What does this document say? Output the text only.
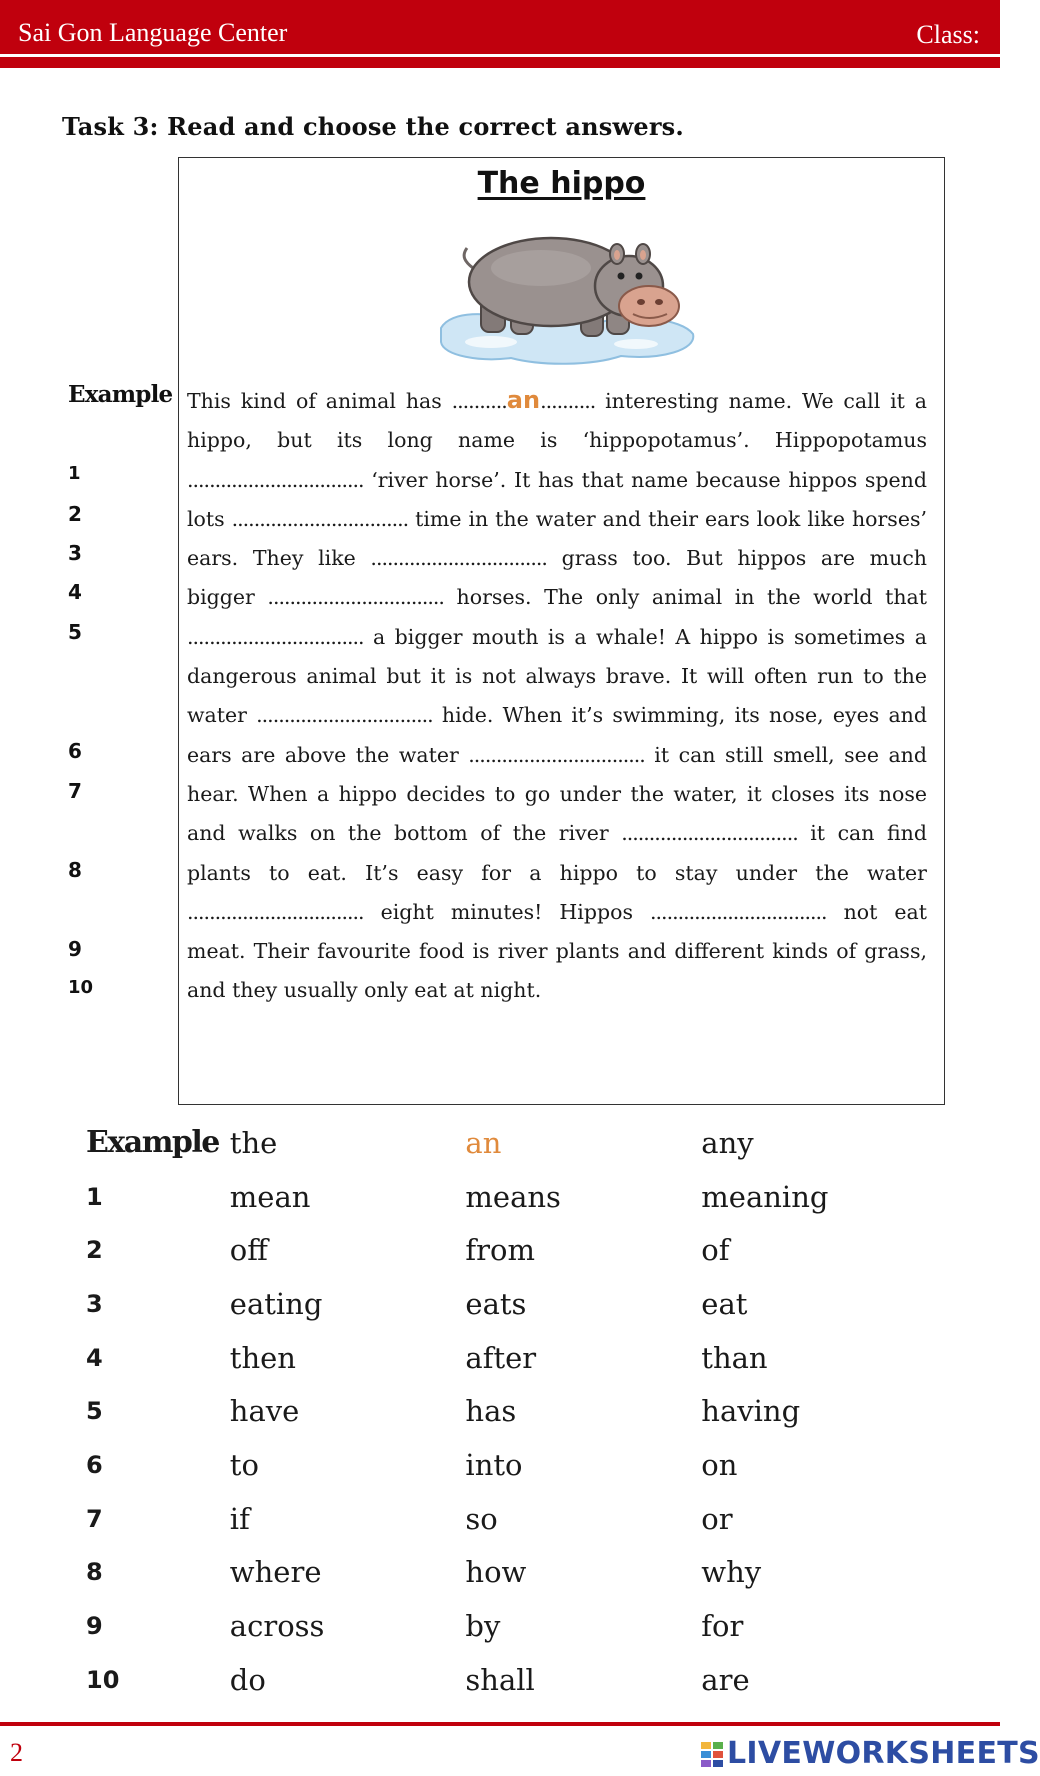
Sai Gon Language Center	Class:
Task 3: Read and choose the correct answers.
Example
1
2
3
4
5
6
7
8
9
10
The hippo
This kind of animal has ..........an.......... interesting name. We call it a hippo, but its long name is ‘hippopotamus’. Hippopotamus ................................ ‘river horse’. It has that name because hippos spend lots ................................ time in the water and their ears look like horses’ ears. They like ................................ grass too. But hippos are much bigger ................................ horses. The only animal in the world that ................................ a bigger mouth is a whale! A hippo is sometimes a dangerous animal but it is not always brave. It will often run to the water ................................ hide. When it’s swimming, its nose, eyes and ears are above the water ................................ it can still smell, see and hear. When a hippo decides to go under the water, it closes its nose and walks on the bottom of the river ................................ it can find plants to eat. It’s easy for a hippo to stay under the water ................................ eight minutes! Hippos ................................ not eat meat. Their favourite food is river plants and different kinds of grass, and they usually only eat at night.
Example	the	an	any
1	mean	means	meaning
2	off	from	of
3	eating	eats	eat
4	then	after	than
5	have	has	having
6	to	into	on
7	if	so	or
8	where	how	why
9	across	by	for
10	do	shall	are
2	LIVEWORKSHEETS
